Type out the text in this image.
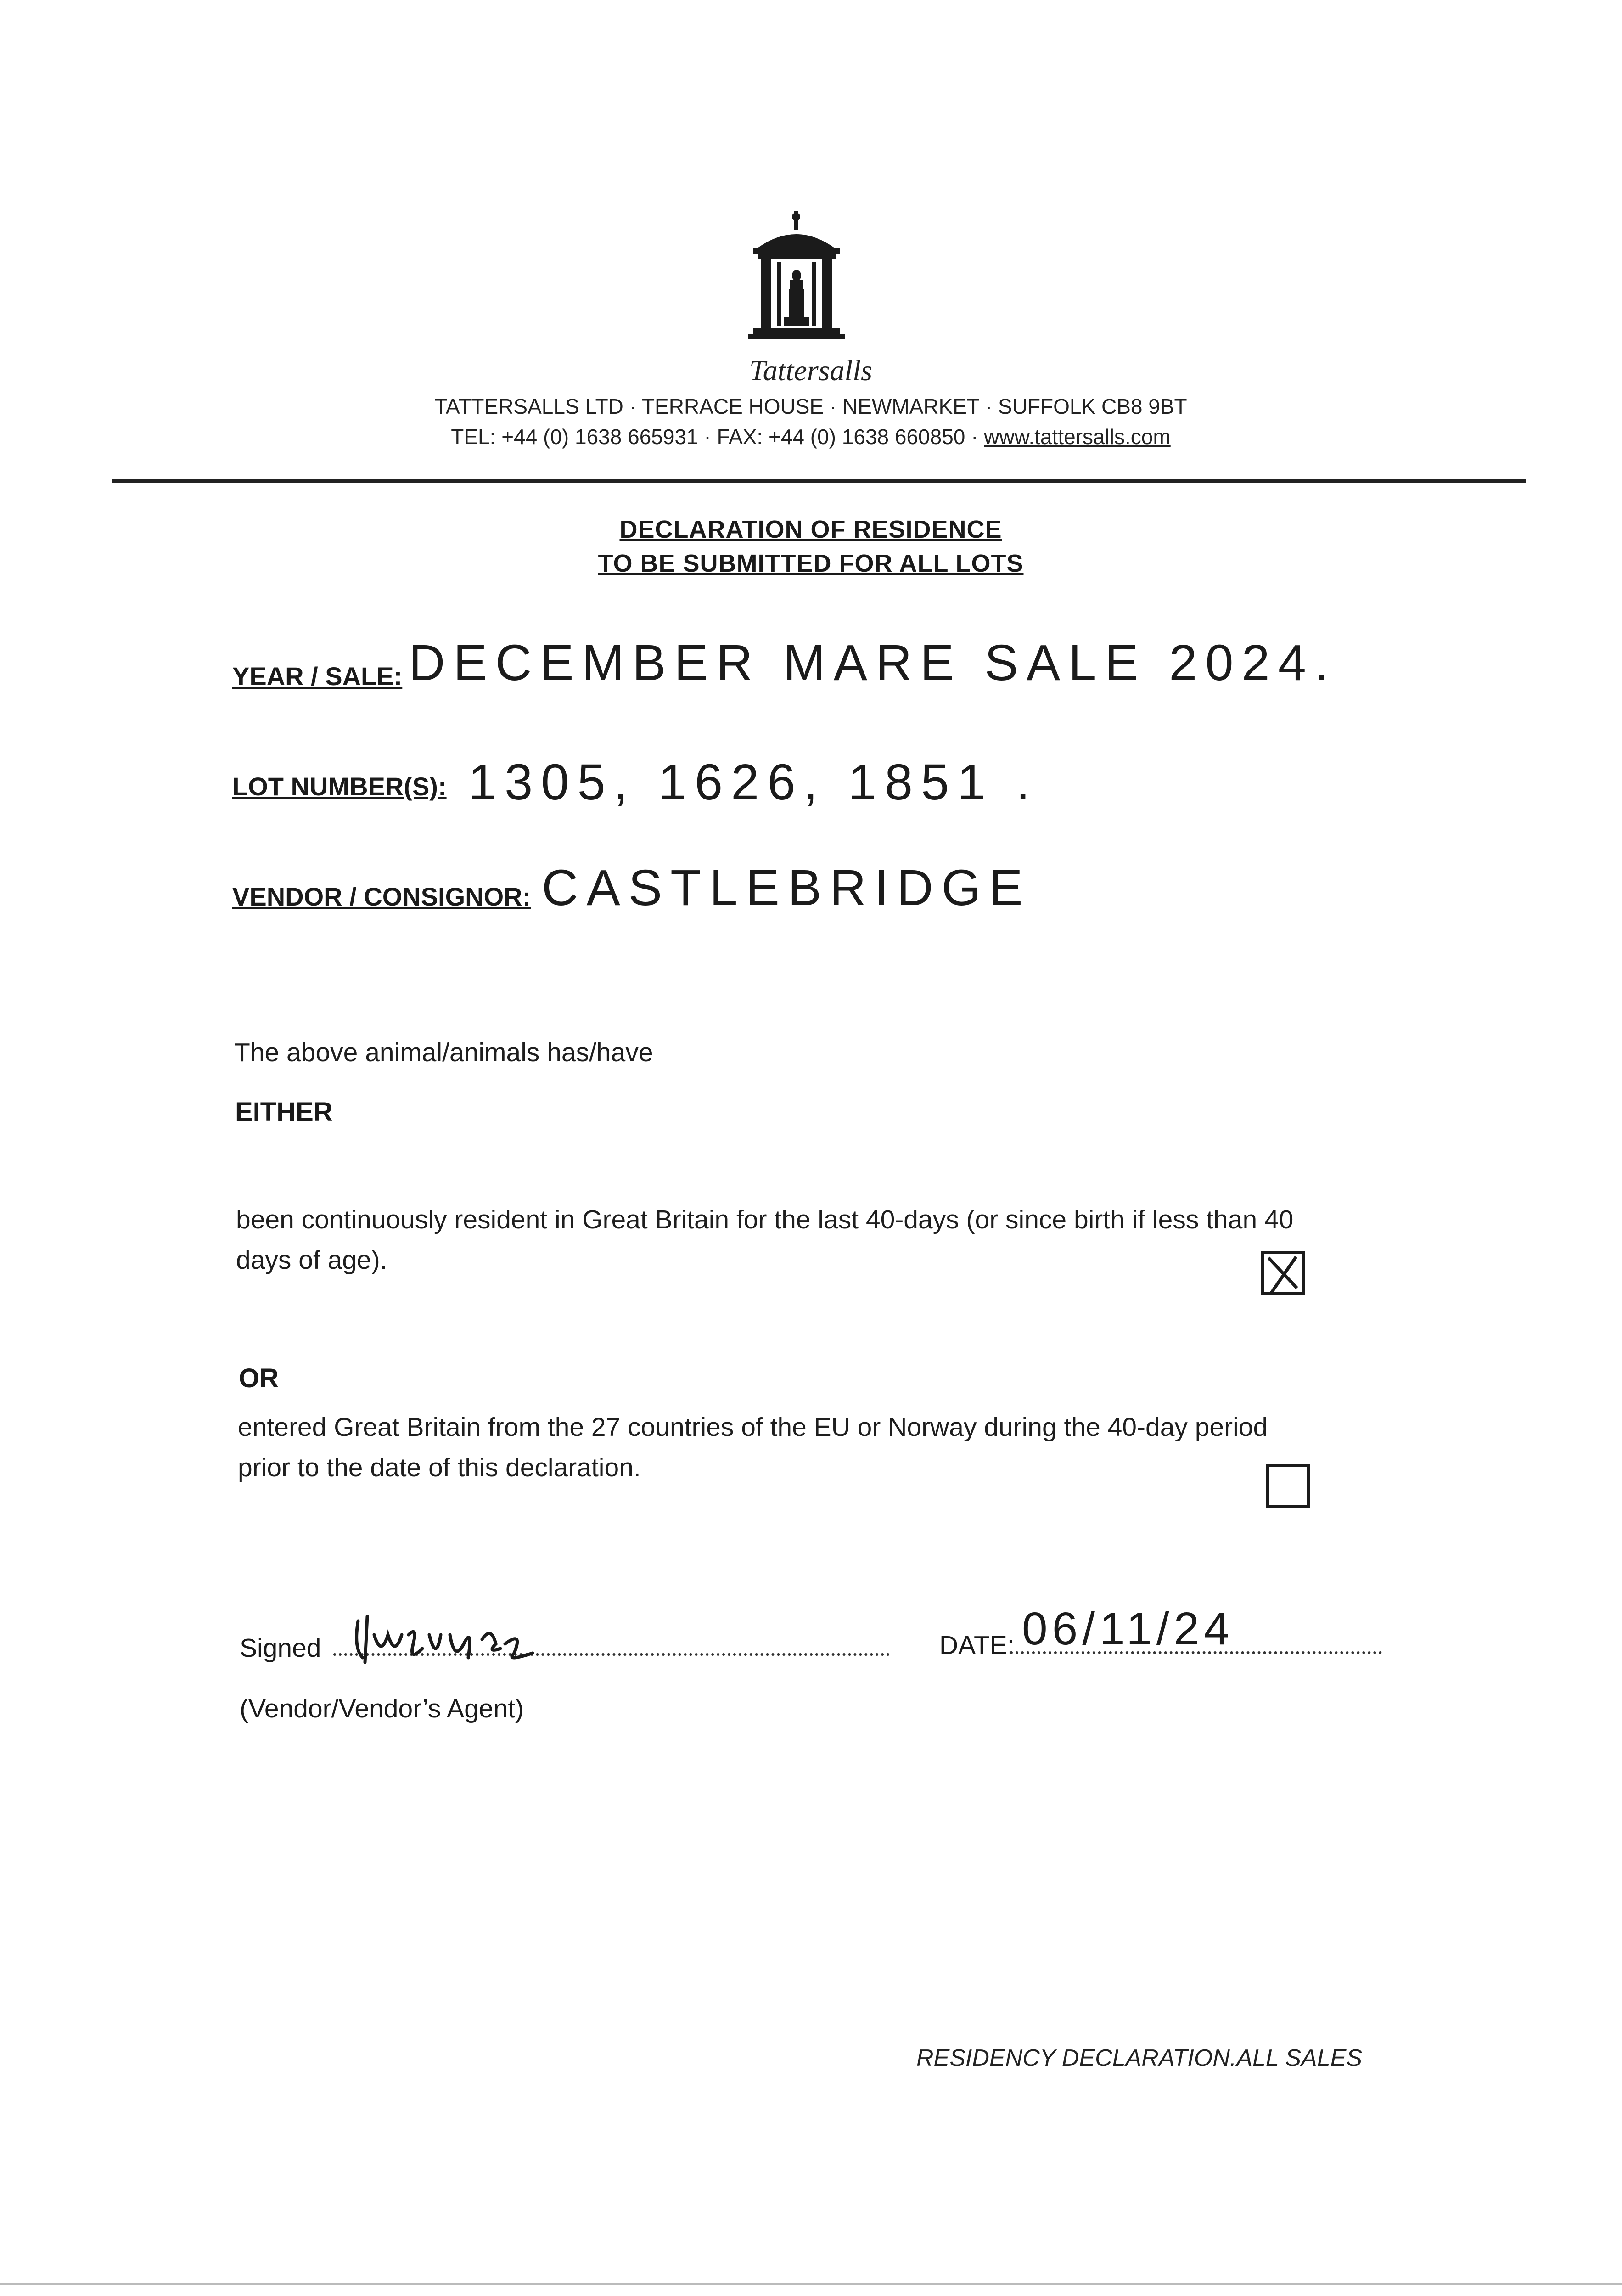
Tattersalls
TATTERSALLS LTD · TERRACE HOUSE · NEWMARKET · SUFFOLK CB8 9BT
TEL: +44 (0) 1638 665931 · FAX: +44 (0) 1638 660850 · www.tattersalls.com
DECLARATION OF RESIDENCE
TO BE SUBMITTED FOR ALL LOTS
YEAR / SALE: DECEMBER MARE SALE 2024.
LOT NUMBER(S): 1305, 1626, 1851 .
VENDOR / CONSIGNOR: CASTLEBRIDGE
The above animal/animals has/have
EITHER
been continuously resident in Great Britain for the last 40-days (or since birth if less than 40
days of age).
OR
entered Great Britain from the 27 countries of the EU or Norway during the 40-day period
prior to the date of this declaration.
Signed
(Vendor/Vendor’s Agent)
DATE: 06/11/24
RESIDENCY DECLARATION.ALL SALES
